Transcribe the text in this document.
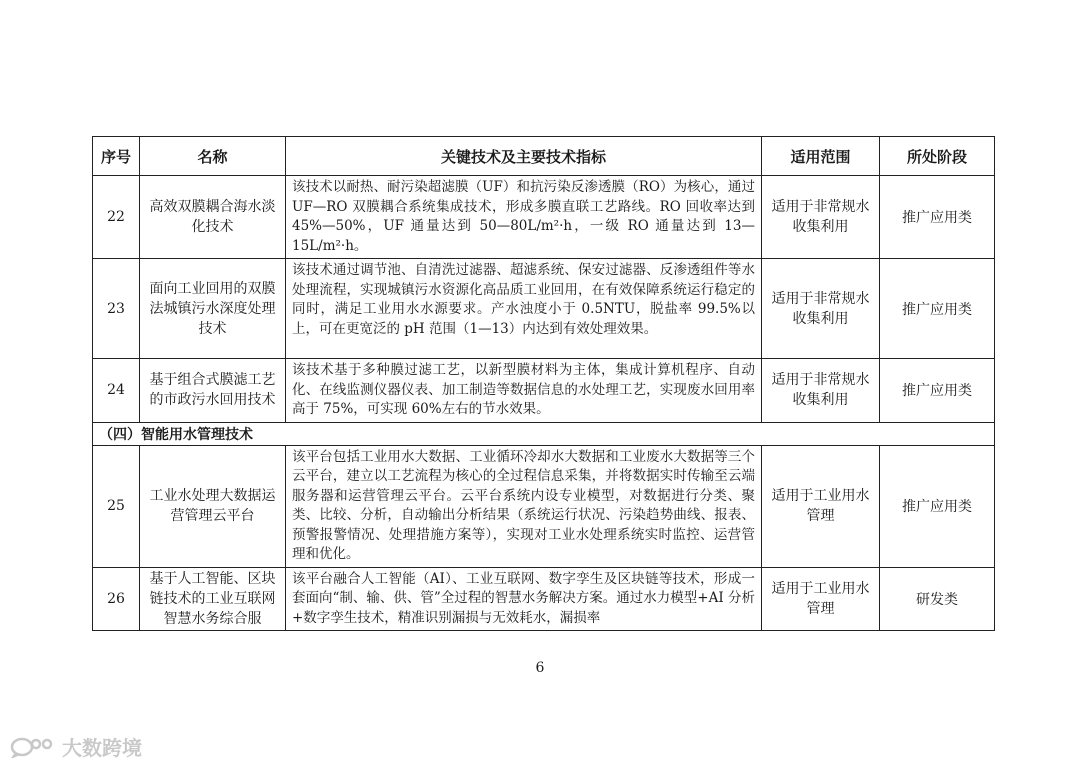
序号	名称	关键技术及主要技术指标	适用范围	所处阶段
22	高效双膜耦合海水淡化技术	该技术以耐热、耐污染超滤膜（UF）和抗污染反渗透膜（RO）为核心，通过 UF—RO 双膜耦合系统集成技术，形成多膜直联工艺路线。RO 回收率达到 45%—50%，UF 通量达到 50—80L/m²·h，一级 RO 通量达到 13—15L/m²·h。	适用于非常规水收集利用	推广应用类
23	面向工业回用的双膜法城镇污水深度处理技术	该技术通过调节池、自清洗过滤器、超滤系统、保安过滤器、反渗透组件等水处理流程，实现城镇污水资源化高品质工业回用，在有效保障系统运行稳定的同时，满足工业用水水源要求。产水浊度小于 0.5NTU，脱盐率 99.5%以上，可在更宽泛的 pH 范围（1—13）内达到有效处理效果。	适用于非常规水收集利用	推广应用类
24	基于组合式膜滤工艺的市政污水回用技术	该技术基于多种膜过滤工艺，以新型膜材料为主体，集成计算机程序、自动化、在线监测仪器仪表、加工制造等数据信息的水处理工艺，实现废水回用率高于 75%，可实现 60%左右的节水效果。	适用于非常规水收集利用	推广应用类
（四）智能用水管理技术				
25	工业水处理大数据运营管理云平台	该平台包括工业用水大数据、工业循环冷却水大数据和工业废水大数据等三个云平台，建立以工艺流程为核心的全过程信息采集，并将数据实时传输至云端服务器和运营管理云平台。云平台系统内设专业模型，对数据进行分类、聚类、比较、分析，自动输出分析结果（系统运行状况、污染趋势曲线、报表、预警报警情况、处理措施方案等），实现对工业水处理系统实时监控、运营管理和优化。	适用于工业用水管理	推广应用类
26	基于人工智能、区块链技术的工业互联网智慧水务综合服	该平台融合人工智能（AI）、工业互联网、数字孪生及区块链等技术，形成一套面向“制、输、供、管”全过程的智慧水务解决方案。通过水力模型+AI 分析+数字孪生技术，精准识别漏损与无效耗水，漏损率	适用于工业用水管理	研发类
6
大数跨境
